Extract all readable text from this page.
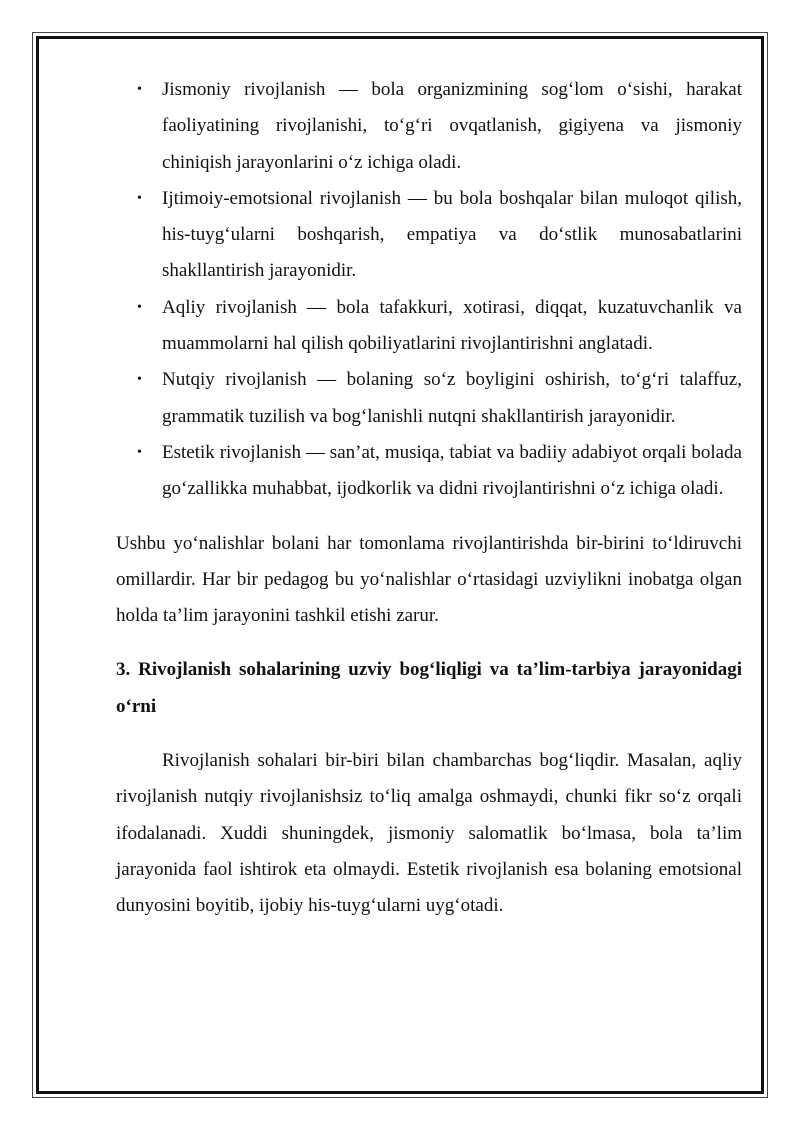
• Jismoniy rivojlanish — bola organizmining sog‘lom o‘sishi, harakat faoliyatining rivojlanishi, to‘g‘ri ovqatlanish, gigiyena va jismoniy chiniqish jarayonlarini o‘z ichiga oladi.
• Ijtimoiy-emotsional rivojlanish — bu bola boshqalar bilan muloqot qilish, his-tuyg‘ularni boshqarish, empatiya va do‘stlik munosabatlarini shakllantirish jarayonidir.
• Aqliy rivojlanish — bola tafakkuri, xotirasi, diqqat, kuzatuvchanlik va muammolarni hal qilish qobiliyatlarini rivojlantirishni anglatadi.
• Nutqiy rivojlanish — bolaning so‘z boyligini oshirish, to‘g‘ri talaffuz, grammatik tuzilish va bog‘lanishli nutqni shakllantirish jarayonidir.
• Estetik rivojlanish — san’at, musiqa, tabiat va badiiy adabiyot orqali bolada go‘zallikka muhabbat, ijodkorlik va didni rivojlantirishni o‘z ichiga oladi.

Ushbu yo‘nalishlar bolani har tomonlama rivojlantirishda bir-birini to‘ldiruvchi omillardir. Har bir pedagog bu yo‘nalishlar o‘rtasidagi uzviylikni inobatga olgan holda ta’lim jarayonini tashkil etishi zarur.

3. Rivojlanish sohalarining uzviy bog‘liqligi va ta’lim-tarbiya jarayonidagi o‘rni

Rivojlanish sohalari bir-biri bilan chambarchas bog‘liqdir. Masalan, aqliy rivojlanish nutqiy rivojlanishsiz to‘liq amalga oshmaydi, chunki fikr so‘z orqali ifodalanadi. Xuddi shuningdek, jismoniy salomatlik bo‘lmasa, bola ta’lim jarayonida faol ishtirok eta olmaydi. Estetik rivojlanish esa bolaning emotsional dunyosini boyitib, ijobiy his-tuyg‘ularni uyg‘otadi.
